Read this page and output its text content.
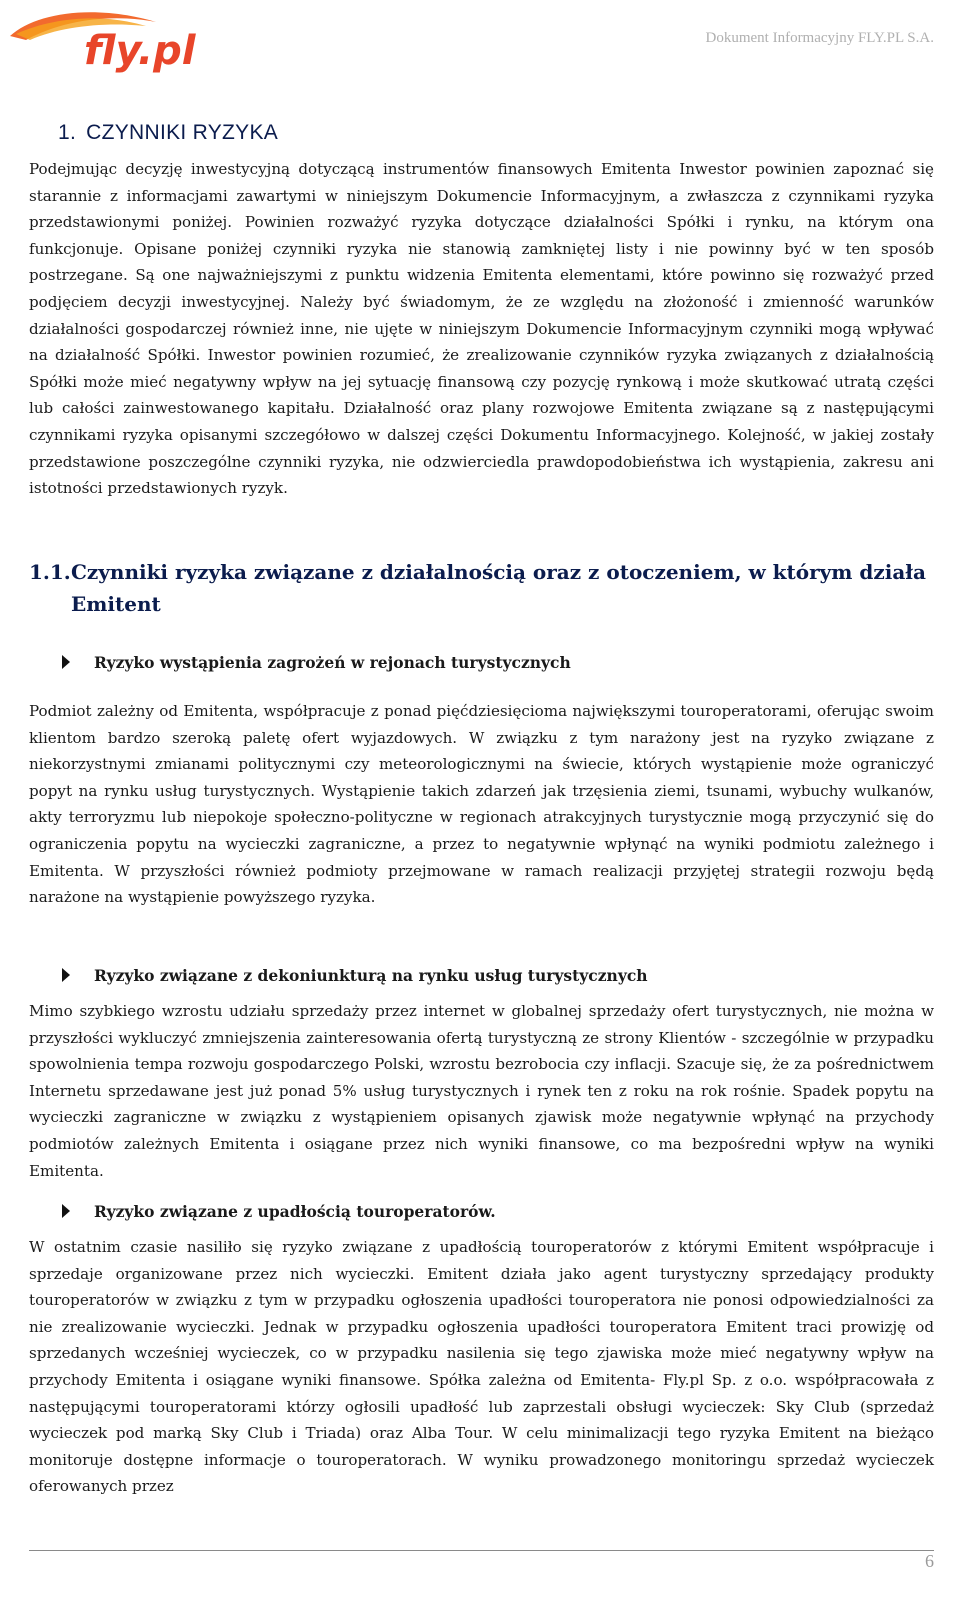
fly.pl	Dokument Informacyjny FLY.PL S.A.
1. CZYNNIKI RYZYKA

Podejmując decyzję inwestycyjną dotyczącą instrumentów finansowych Emitenta Inwestor powinien zapoznać się starannie z informacjami zawartymi w niniejszym Dokumencie Informacyjnym, a zwłaszcza z czynnikami ryzyka przedstawionymi poniżej. Powinien rozważyć ryzyka dotyczące działalności Spółki i rynku, na którym ona funkcjonuje. Opisane poniżej czynniki ryzyka nie stanowią zamkniętej listy i nie powinny być w ten sposób postrzegane. Są one najważniejszymi z punktu widzenia Emitenta elementami, które powinno się rozważyć przed podjęciem decyzji inwestycyjnej. Należy być świadomym, że ze względu na złożoność i zmienność warunków działalności gospodarczej również inne, nie ujęte w niniejszym Dokumencie Informacyjnym czynniki mogą wpływać na działalność Spółki. Inwestor powinien rozumieć, że zrealizowanie czynników ryzyka związanych z działalnością Spółki może mieć negatywny wpływ na jej sytuację finansową czy pozycję rynkową i może skutkować utratą części lub całości zainwestowanego kapitału. Działalność oraz plany rozwojowe Emitenta związane są z następującymi czynnikami ryzyka opisanymi szczegółowo w dalszej części Dokumentu Informacyjnego. Kolejność, w jakiej zostały przedstawione poszczególne czynniki ryzyka, nie odzwierciedla prawdopodobieństwa ich wystąpienia, zakresu ani istotności przedstawionych ryzyk.

1.1.Czynniki ryzyka związane z działalnością oraz z otoczeniem, w którym działa Emitent
Ryzyko wystąpienia zagrożeń w rejonach turystycznych

Podmiot zależny od Emitenta, współpracuje z ponad pięćdziesięcioma największymi touroperatorami, oferując swoim klientom bardzo szeroką paletę ofert wyjazdowych. W związku z tym narażony jest na ryzyko związane z niekorzystnymi zmianami politycznymi czy meteorologicznymi na świecie, których wystąpienie może ograniczyć popyt na rynku usług turystycznych. Wystąpienie takich zdarzeń jak trzęsienia ziemi, tsunami, wybuchy wulkanów, akty terroryzmu lub niepokoje społeczno-polityczne w regionach atrakcyjnych turystycznie mogą przyczynić się do ograniczenia popytu na wycieczki zagraniczne, a przez to negatywnie wpłynąć na wyniki podmiotu zależnego i Emitenta. W przyszłości również podmioty przejmowane w ramach realizacji przyjętej strategii rozwoju będą narażone na wystąpienie powyższego ryzyka.

Ryzyko związane z dekoniunkturą na rynku usług turystycznych

Mimo szybkiego wzrostu udziału sprzedaży przez internet w globalnej sprzedaży ofert turystycznych, nie można w przyszłości wykluczyć zmniejszenia zainteresowania ofertą turystyczną ze strony Klientów - szczególnie w przypadku spowolnienia tempa rozwoju gospodarczego Polski, wzrostu bezrobocia czy inflacji. Szacuje się, że za pośrednictwem Internetu sprzedawane jest już ponad 5% usług turystycznych i rynek ten z roku na rok rośnie. Spadek popytu na wycieczki zagraniczne w związku z wystąpieniem opisanych zjawisk może negatywnie wpłynąć na przychody podmiotów zależnych Emitenta i osiągane przez nich wyniki finansowe, co ma bezpośredni wpływ na wyniki Emitenta.

Ryzyko związane z upadłością touroperatorów.

W ostatnim czasie nasiliło się ryzyko związane z upadłością touroperatorów z którymi Emitent współpracuje i sprzedaje organizowane przez nich wycieczki. Emitent działa jako agent turystyczny sprzedający produkty touroperatorów w związku z tym w przypadku ogłoszenia upadłości touroperatora nie ponosi odpowiedzialności za nie zrealizowanie wycieczki. Jednak w przypadku ogłoszenia upadłości touroperatora Emitent traci prowizję od sprzedanych wcześniej wycieczek, co w przypadku nasilenia się tego zjawiska może mieć negatywny wpływ na przychody Emitenta i osiągane wyniki finansowe. Spółka zależna od Emitenta- Fly.pl Sp. z o.o. współpracowała z następującymi touroperatorami którzy ogłosili upadłość lub zaprzestali obsługi wycieczek: Sky Club (sprzedaż wycieczek pod marką Sky Club i Triada) oraz Alba Tour. W celu minimalizacji tego ryzyka Emitent na bieżąco monitoruje dostępne informacje o touroperatorach. W wyniku prowadzonego monitoringu sprzedaż wycieczek oferowanych przez

6
